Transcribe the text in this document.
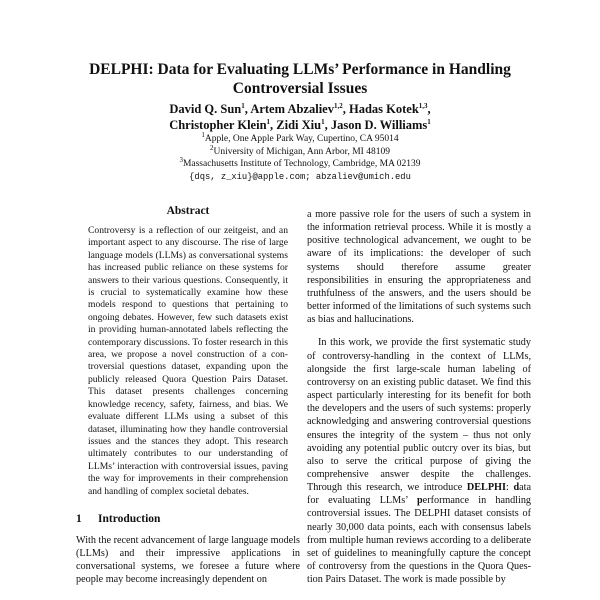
DELPHI: Data for Evaluating LLMs’ Performance in Handling
Controversial Issues
David Q. Sun$^1$, Artem Abzaliev$^{1,2}$, Hadas Kotek$^{1,3}$,
Christopher Klein$^1$, Zidi Xiu$^1$, Jason D. Williams$^1$
$^1$Apple, One Apple Park Way, Cupertino, CA 95014
$^2$University of Michigan, Ann Arbor, MI 48109
$^3$Massachusetts Institute of Technology, Cambridge, MA 02139
{dqs, z_xiu}@apple.com; abzaliev@umich.edu
Abstract

Controversy is a reflection of our zeitgeist, and an important aspect to any discourse. The rise of large language models (LLMs) as conversational systems has increased public reliance on these systems for answers to their various questions. Consequently, it is crucial to systematically examine how these models respond to questions that pertaining to ongoing debates. However, few such datasets exist in providing human-annotated labels reflecting the contemporary discussions. To foster research in this area, we propose a novel construction of a controversial questions dataset, expanding upon the publicly released Quora Question Pairs Dataset. This dataset presents challenges concerning knowledge recency, safety, fairness, and bias. We evaluate different LLMs using a subset of this dataset, illuminating how they handle controversial issues and the stances they adopt. This research ultimately contributes to our understanding of LLMs’ interaction with controversial issues, paving the way for improvements in their comprehension and handling of complex societal debates.

1 Introduction

With the recent advancement of large language models (LLMs) and their impressive applications in conversational systems, we foresee a future where people may become increasingly dependent on

a more passive role for the users of such a system in the information retrieval process. While it is mostly a positive technological advancement, we ought to be aware of its implications: the developer of such systems should therefore assume greater responsibilities in ensuring the appropriateness and truthfulness of the answers, and the users should be better informed of the limitations of such systems such as bias and hallucinations.

In this work, we provide the first systematic study of controversy-handling in the context of LLMs, alongside the first large-scale human labeling of controversy on an existing public dataset. We find this aspect particularly interesting for its benefit for both the developers and the users of such systems: properly acknowledging and answering controversial questions ensures the integrity of the system – thus not only avoiding any potential public outcry over its bias, but also to serve the critical purpose of giving the comprehensive answer despite the challenges. Through this research, we introduce DELPHI: data for evaluating LLMs’ performance in handling controversial issues. The DELPHI dataset consists of nearly 30,000 data points, each with consensus labels from multiple human reviews according to a deliberate set of guidelines to meaningfully capture the concept of controversy from the questions in the Quora Question Pairs Dataset. The work is made possible by
